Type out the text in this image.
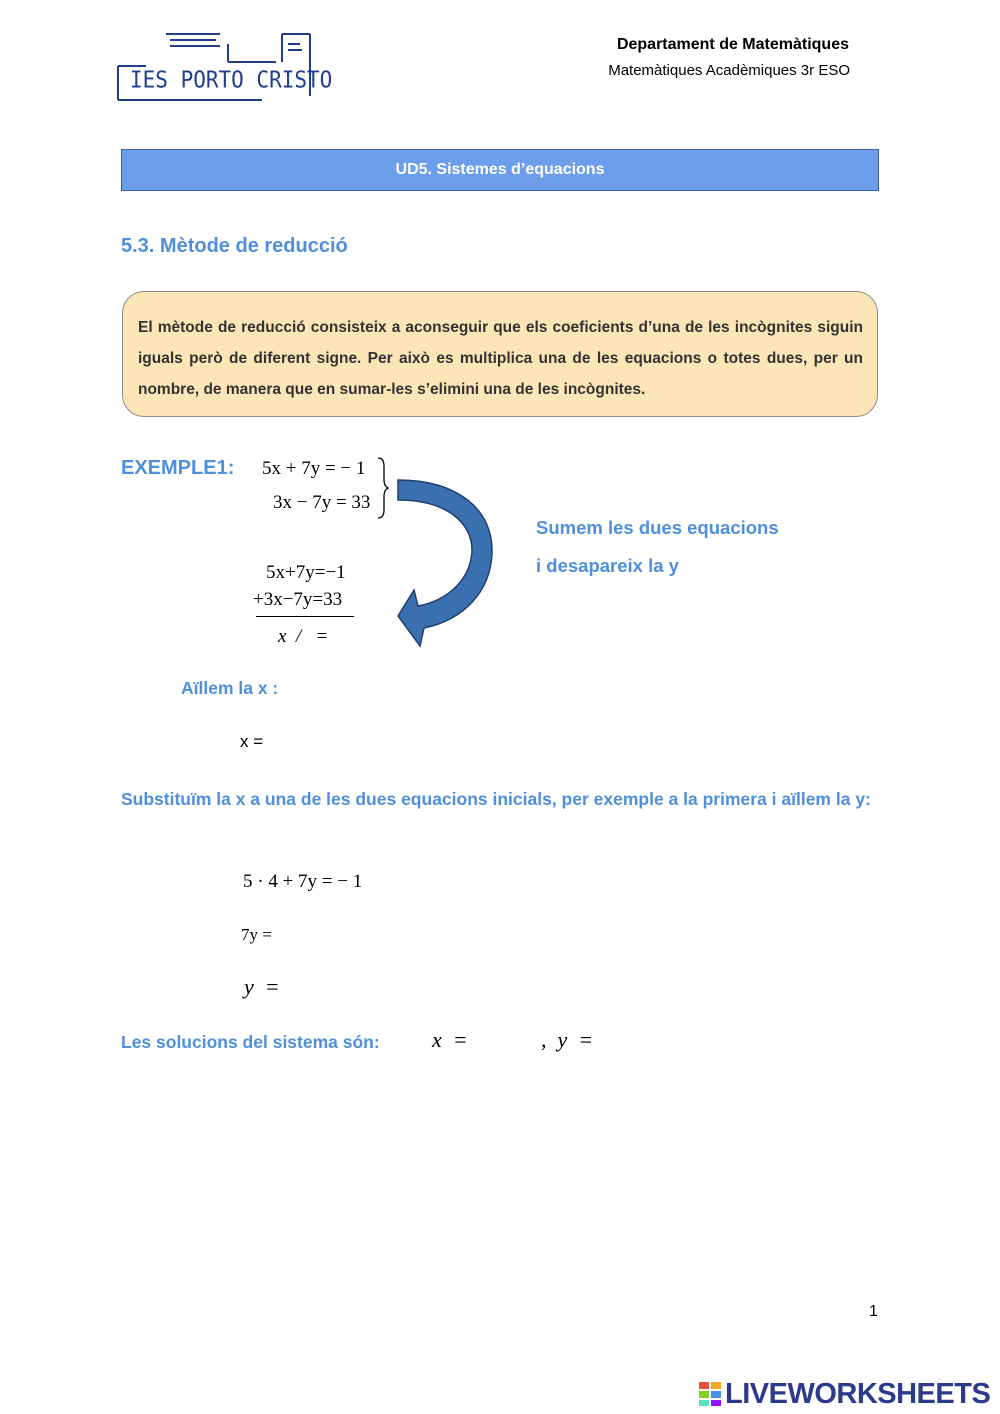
IES PORTO CRISTO
Departament de Matemàtiques
Matemàtiques Acadèmiques 3r ESO
UD5. Sistemes d’equacions
5.3. Mètode de reducció
El mètode de reducció consisteix a aconseguir que els coeficients d’una de les incògnites siguin iguals però de diferent signe. Per això es multiplica una de les equacions o totes dues, per un nombre, de manera que en sumar-les s’elimini una de les incògnites.
EXEMPLE1: 5x + 7y = − 1
3x − 7y = 33
Sumem les dues equacions
i desapareix la y
5x+7y=−1
+3x−7y=33
x  /   =
Aïllem la x :
x =
Substituïm la x a una de les dues equacions inicials, per exemple a la primera i aïllem la y:
5 · 4 + 7y = − 1
7y =
y  =
Les solucions del sistema són: x  =	,  y  =
1
LIVEWORKSHEETS
